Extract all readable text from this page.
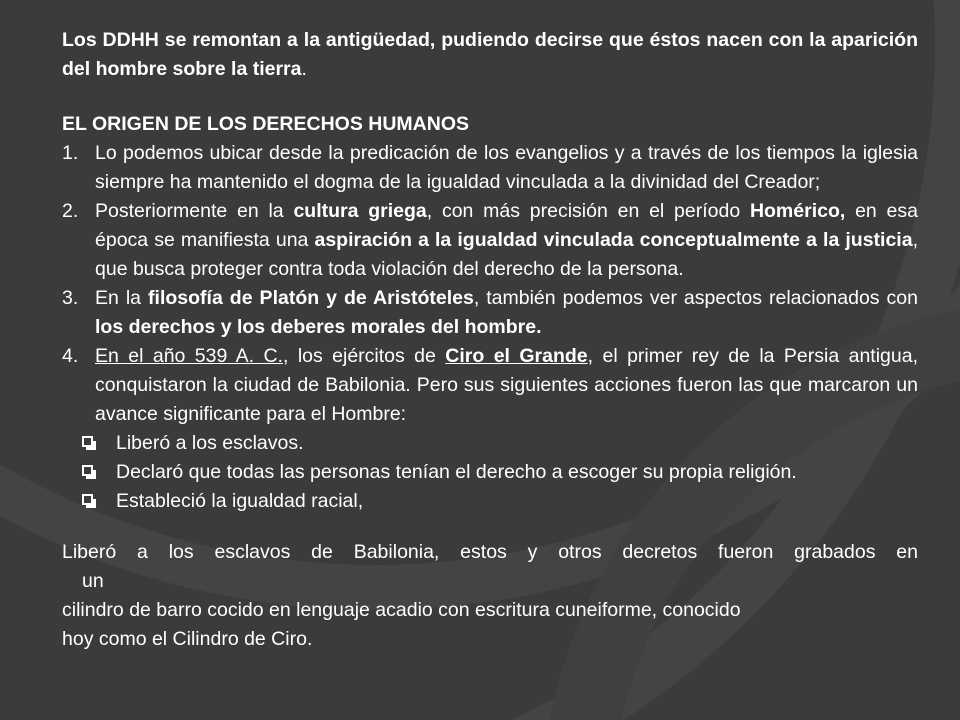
Los DDHH se remontan a la antigüedad, pudiendo decirse que éstos nacen con la aparición del hombre sobre la tierra.

EL ORIGEN DE LOS DERECHOS HUMANOS

1. Lo podemos ubicar desde la predicación de los evangelios y a través de los tiempos la iglesia siempre ha mantenido el dogma de la igualdad vinculada a la divinidad del Creador;
2. Posteriormente en la cultura griega, con más precisión en el período Homérico, en esa época se manifiesta una aspiración a la igualdad vinculada conceptualmente a la justicia, que busca proteger contra toda violación del derecho de la persona.
3. En la filosofía de Platón y de Aristóteles, también podemos ver aspectos relacionados con los derechos y los deberes morales del hombre.
4. En el año 539 A. C., los ejércitos de Ciro el Grande, el primer rey de la Persia antigua, conquistaron la ciudad de Babilonia. Pero sus siguientes acciones fueron las que marcaron un avance significante para el Hombre:
Liberó a los esclavos.
Declaró que todas las personas tenían el derecho a escoger su propia religión.
Estableció la igualdad racial,

Liberó a los esclavos de Babilonia, estos y otros decretos fueron grabados en

un

cilindro de barro cocido en lenguaje acadio con escritura cuneiforme, conocido

hoy como el Cilindro de Ciro.
